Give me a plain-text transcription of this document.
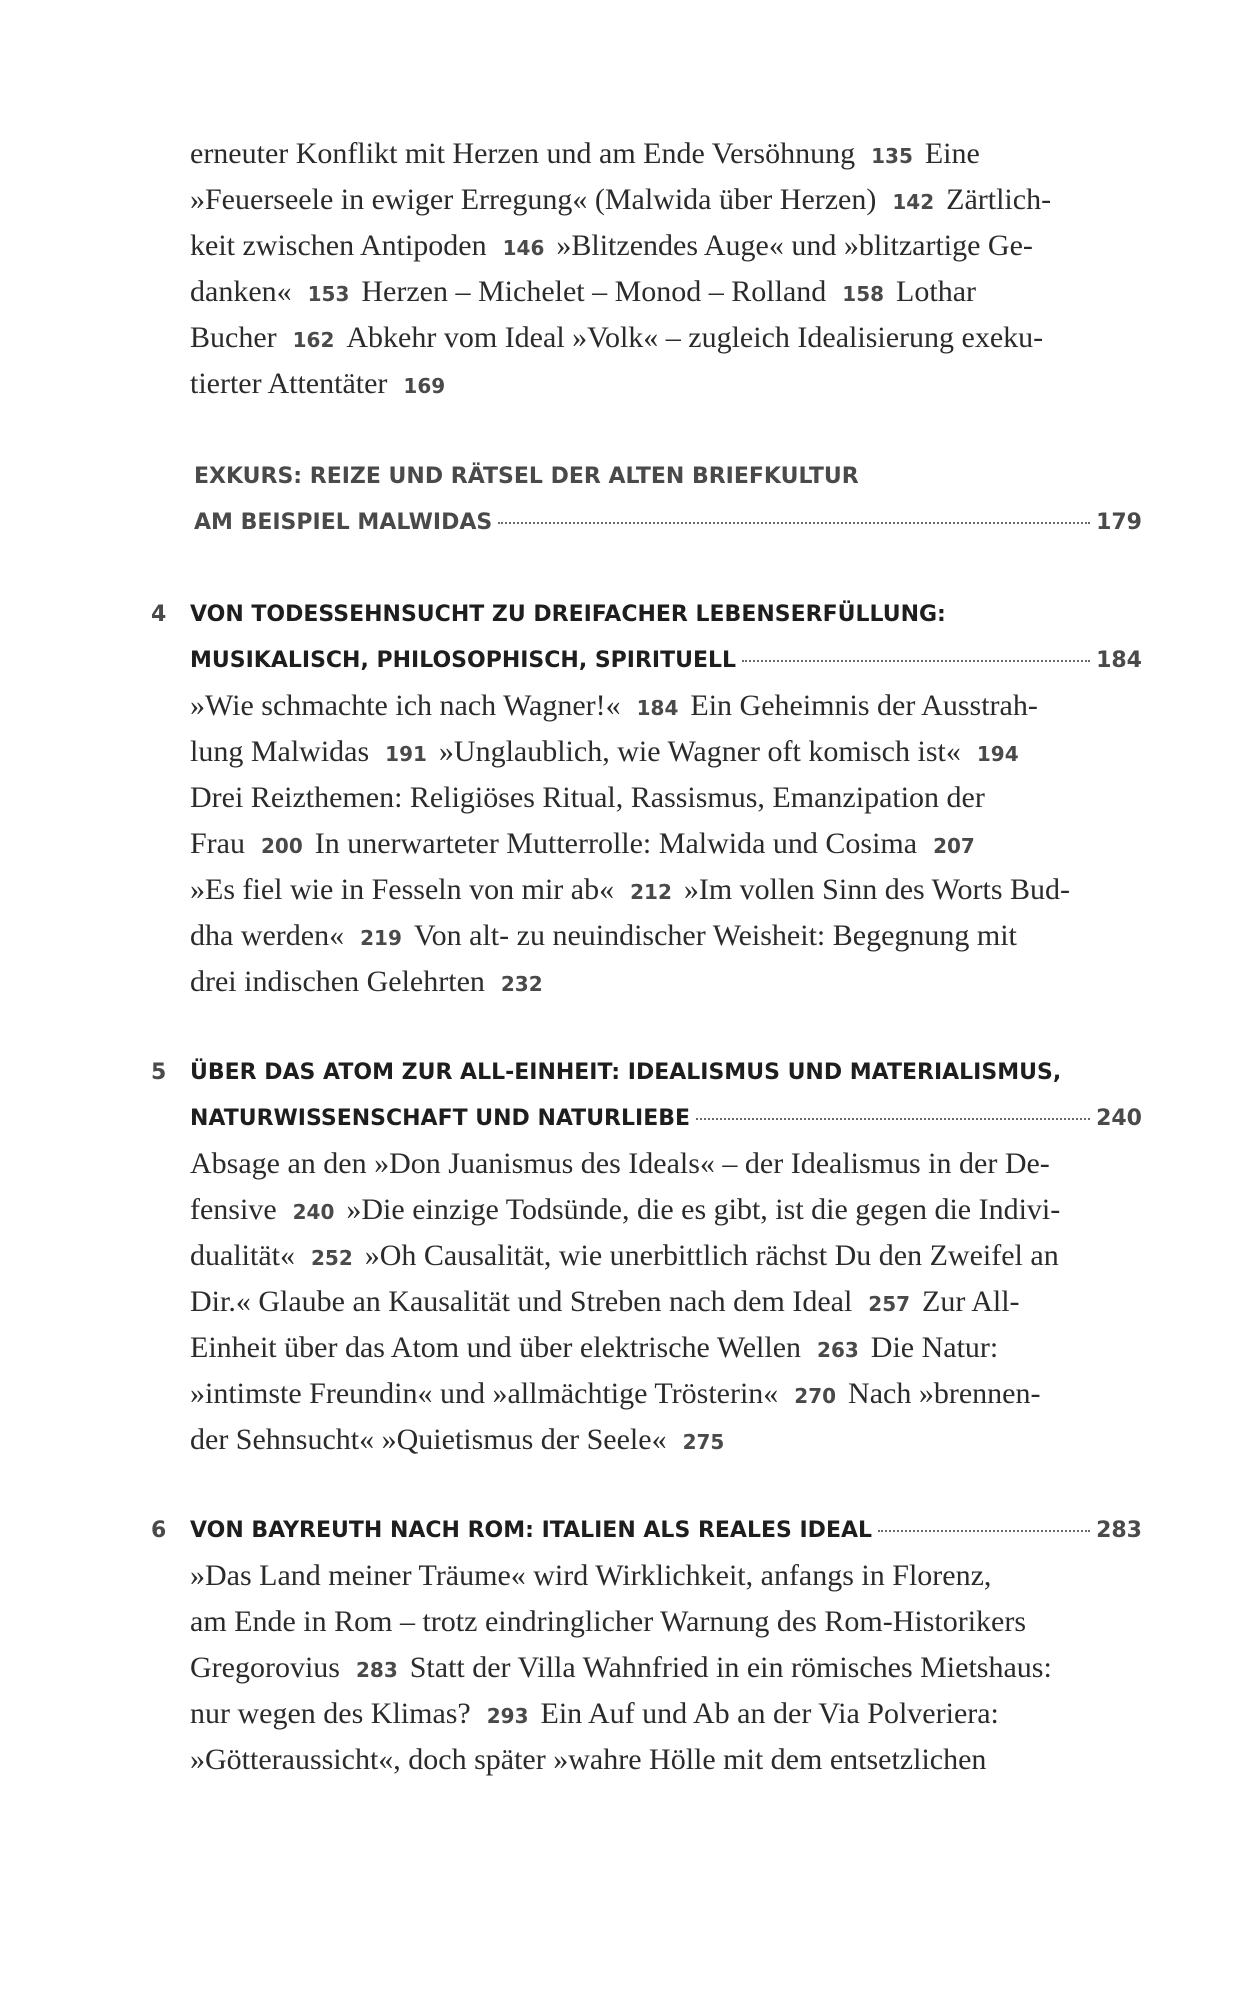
erneuter Konflikt mit Herzen und am Ende Versöhnung 135 Eine
»Feuerseele in ewiger Erregung« (Malwida über Herzen) 142 Zärtlich-
keit zwischen Antipoden 146 »Blitzendes Auge« und »blitzartige Ge-
danken« 153 Herzen – Michelet – Monod – Rolland 158 Lothar
Bucher 162 Abkehr vom Ideal »Volk« – zugleich Idealisierung exeku-
tierter Attentäter 169
EXKURS: REIZE UND RÄTSEL DER ALTEN BRIEFKULTUR
AM BEISPIEL MALWIDAS	179
4 VON TODESSEHNSUCHT ZU DREIFACHER LEBENSERFÜLLUNG:
MUSIKALISCH, PHILOSOPHISCH, SPIRITUELL	184
»Wie schmachte ich nach Wagner!« 184 Ein Geheimnis der Ausstrah-
lung Malwidas 191 »Unglaublich, wie Wagner oft komisch ist« 194
Drei Reizthemen: Religiöses Ritual, Rassismus, Emanzipation der
Frau 200 In unerwarteter Mutterrolle: Malwida und Cosima 207
»Es fiel wie in Fesseln von mir ab« 212 »Im vollen Sinn des Worts Bud-
dha werden« 219 Von alt- zu neuindischer Weisheit: Begegnung mit
drei indischen Gelehrten 232
5 ÜBER DAS ATOM ZUR ALL-EINHEIT: IDEALISMUS UND MATERIALISMUS,
NATURWISSENSCHAFT UND NATURLIEBE	240
Absage an den »Don Juanismus des Ideals« – der Idealismus in der De-
fensive 240 »Die einzige Todsünde, die es gibt, ist die gegen die Indivi-
dualität« 252 »Oh Causalität, wie unerbittlich rächst Du den Zweifel an
Dir.« Glaube an Kausalität und Streben nach dem Ideal 257 Zur All-
Einheit über das Atom und über elektrische Wellen 263 Die Natur:
»intimste Freundin« und »allmächtige Trösterin« 270 Nach »brennen-
der Sehnsucht« »Quietismus der Seele« 275
6 VON BAYREUTH NACH ROM: ITALIEN ALS REALES IDEAL	283
»Das Land meiner Träume« wird Wirklichkeit, anfangs in Florenz,
am Ende in Rom – trotz eindringlicher Warnung des Rom-Historikers
Gregorovius 283 Statt der Villa Wahnfried in ein römisches Mietshaus:
nur wegen des Klimas? 293 Ein Auf und Ab an der Via Polveriera:
»Götteraussicht«, doch später »wahre Hölle mit dem entsetzlichen
